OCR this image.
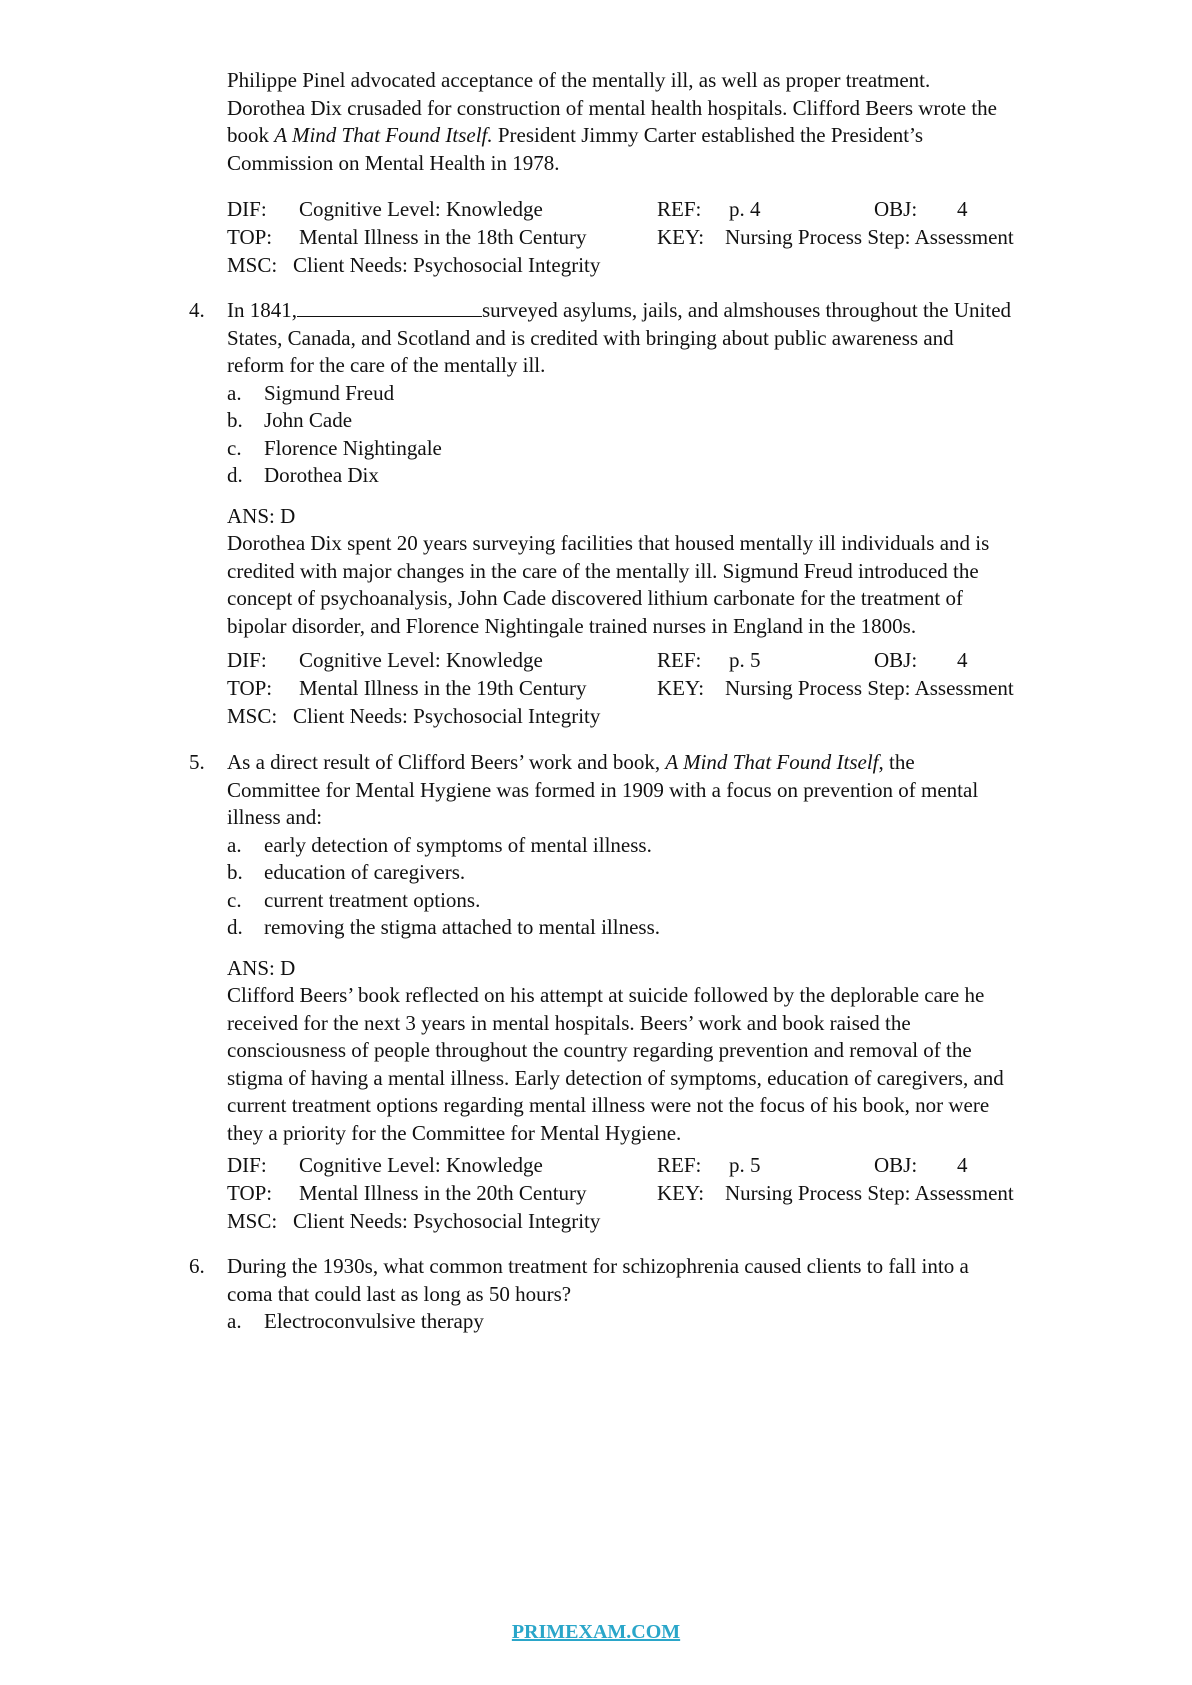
Philippe Pinel advocated acceptance of the mentally ill, as well as proper treatment.
Dorothea Dix crusaded for construction of mental health hospitals. Clifford Beers wrote the
book A Mind That Found Itself. President Jimmy Carter established the President’s
Commission on Mental Health in 1978.
DIF: Cognitive Level: Knowledge	REF: p. 4	OBJ: 4
TOP: Mental Illness in the 18th Century	KEY: Nursing Process Step: Assessment
MSC: Client Needs: Psychosocial Integrity
4. In 1841,	surveyed asylums, jails, and almshouses throughout the United
States, Canada, and Scotland and is credited with bringing about public awareness and
reform for the care of the mentally ill.
a. Sigmund Freud
b. John Cade
c. Florence Nightingale
d. Dorothea Dix
ANS: D
Dorothea Dix spent 20 years surveying facilities that housed mentally ill individuals and is
credited with major changes in the care of the mentally ill. Sigmund Freud introduced the
concept of psychoanalysis, John Cade discovered lithium carbonate for the treatment of
bipolar disorder, and Florence Nightingale trained nurses in England in the 1800s.
DIF: Cognitive Level: Knowledge	REF: p. 5	OBJ: 4
TOP: Mental Illness in the 19th Century	KEY: Nursing Process Step: Assessment
MSC: Client Needs: Psychosocial Integrity
5. As a direct result of Clifford Beers’ work and book, A Mind That Found Itself, the
Committee for Mental Hygiene was formed in 1909 with a focus on prevention of mental
illness and:
a. early detection of symptoms of mental illness.
b. education of caregivers.
c. current treatment options.
d. removing the stigma attached to mental illness.
ANS: D
Clifford Beers’ book reflected on his attempt at suicide followed by the deplorable care he
received for the next 3 years in mental hospitals. Beers’ work and book raised the
consciousness of people throughout the country regarding prevention and removal of the
stigma of having a mental illness. Early detection of symptoms, education of caregivers, and
current treatment options regarding mental illness were not the focus of his book, nor were
they a priority for the Committee for Mental Hygiene.
DIF: Cognitive Level: Knowledge	REF: p. 5	OBJ: 4
TOP: Mental Illness in the 20th Century	KEY: Nursing Process Step: Assessment
MSC: Client Needs: Psychosocial Integrity
6. During the 1930s, what common treatment for schizophrenia caused clients to fall into a
coma that could last as long as 50 hours?
a. Electroconvulsive therapy
PRIMEXAM.COM
